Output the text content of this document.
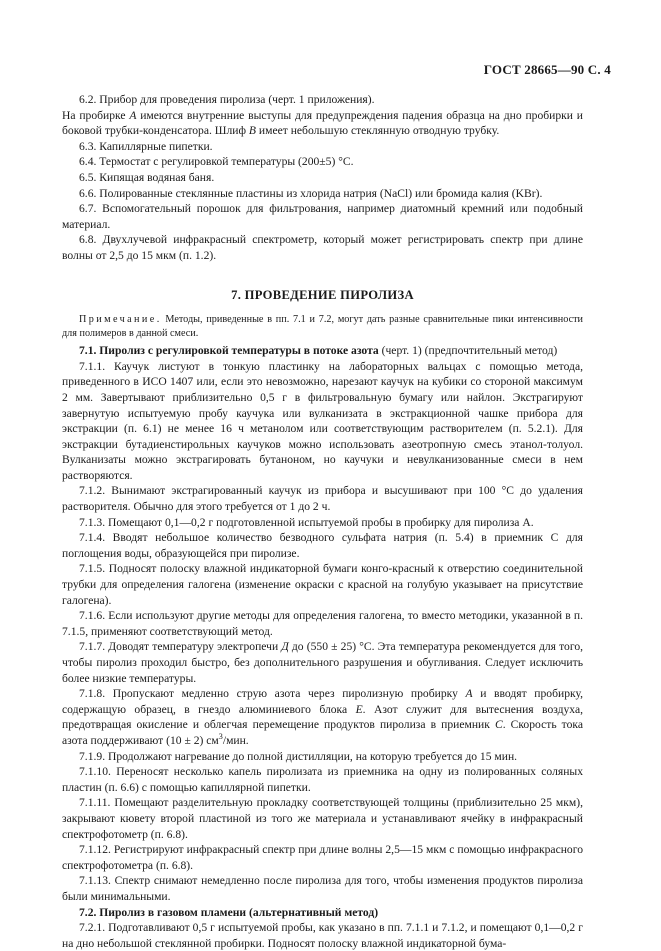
ГОСТ 28665—90 С. 4

6.2. Прибор для проведения пиролиза (черт. 1 приложения).

На пробирке А имеются внутренние выступы для предупреждения падения образца на дно пробирки и боковой трубки-конденсатора. Шлиф В имеет небольшую стеклянную отводную трубку.

6.3. Капиллярные пипетки.

6.4. Термостат с регулировкой температуры (200±5) °С.

6.5. Кипящая водяная баня.

6.6. Полированные стеклянные пластины из хлорида натрия (NaCl) или бромида калия (KBr).

6.7. Вспомогательный порошок для фильтрования, например диатомный кремний или подобный материал.

6.8. Двухлучевой инфракрасный спектрометр, который может регистрировать спектр при длине волны от 2,5 до 15 мкм (п. 1.2).

7. ПРОВЕДЕНИЕ ПИРОЛИЗА

Примечание. Методы, приведенные в пп. 7.1 и 7.2, могут дать разные сравнительные пики интенсивности для полимеров в данной смеси.

7.1. Пиролиз с регулировкой температуры в потоке азота (черт. 1) (предпочтительный метод)

7.1.1. Каучук листуют в тонкую пластинку на лабораторных вальцах с помощью метода, приведенного в ИСО 1407 или, если это невозможно, нарезают каучук на кубики со стороной максимум 2 мм. Завертывают приблизительно 0,5 г в фильтровальную бумагу или найлон. Экстрагируют завернутую испытуемую пробу каучука или вулканизата в экстракционной чашке прибора для экстракции (п. 6.1) не менее 16 ч метанолом или соответствующим растворителем (п. 5.2.1). Для экстракции бутадиенстирольных каучуков можно использовать азеотропную смесь этанол-толуол. Вулканизаты можно экстрагировать бутаноном, но каучуки и невулканизованные смеси в нем растворяются.

7.1.2. Вынимают экстрагированный каучук из прибора и высушивают при 100 °С до удаления растворителя. Обычно для этого требуется от 1 до 2 ч.

7.1.3. Помещают 0,1—0,2 г подготовленной испытуемой пробы в пробирку для пиролиза А.

7.1.4. Вводят небольшое количество безводного сульфата натрия (п. 5.4) в приемник С для поглощения воды, образующейся при пиролизе.

7.1.5. Подносят полоску влажной индикаторной бумаги конго-красный к отверстию соединительной трубки для определения галогена (изменение окраски с красной на голубую указывает на присутствие галогена).

7.1.6. Если используют другие методы для определения галогена, то вместо методики, указанной в п. 7.1.5, применяют соответствующий метод.

7.1.7. Доводят температуру электропечи Д до (550 ± 25) °С. Эта температура рекомендуется для того, чтобы пиролиз проходил быстро, без дополнительного разрушения и обугливания. Следует исключить более низкие температуры.

7.1.8. Пропускают медленно струю азота через пиролизную пробирку А и вводят пробирку, содержащую образец, в гнездо алюминиевого блока Е. Азот служит для вытеснения воздуха, предотвращая окисление и облегчая перемещение продуктов пиролиза в приемник С. Скорость тока азота поддерживают (10 ± 2) $см^3$/мин.

7.1.9. Продолжают нагревание до полной дистилляции, на которую требуется до 15 мин.

7.1.10. Переносят несколько капель пиролизата из приемника на одну из полированных соляных пластин (п. 6.6) с помощью капиллярной пипетки.

7.1.11. Помещают разделительную прокладку соответствующей толщины (приблизительно 25 мкм), закрывают кювету второй пластиной из того же материала и устанавливают ячейку в инфракрасный спектрофотометр (п. 6.8).

7.1.12. Регистрируют инфракрасный спектр при длине волны 2,5—15 мкм с помощью инфракрасного спектрофотометра (п. 6.8).

7.1.13. Спектр снимают немедленно после пиролиза для того, чтобы изменения продуктов пиролиза были минимальными.

7.2. Пиролиз в газовом пламени (альтернативный метод)

7.2.1. Подготавливают 0,5 г испытуемой пробы, как указано в пп. 7.1.1 и 7.1.2, и помещают 0,1—0,2 г на дно небольшой стеклянной пробирки. Подносят полоску влажной индикаторной бума-
